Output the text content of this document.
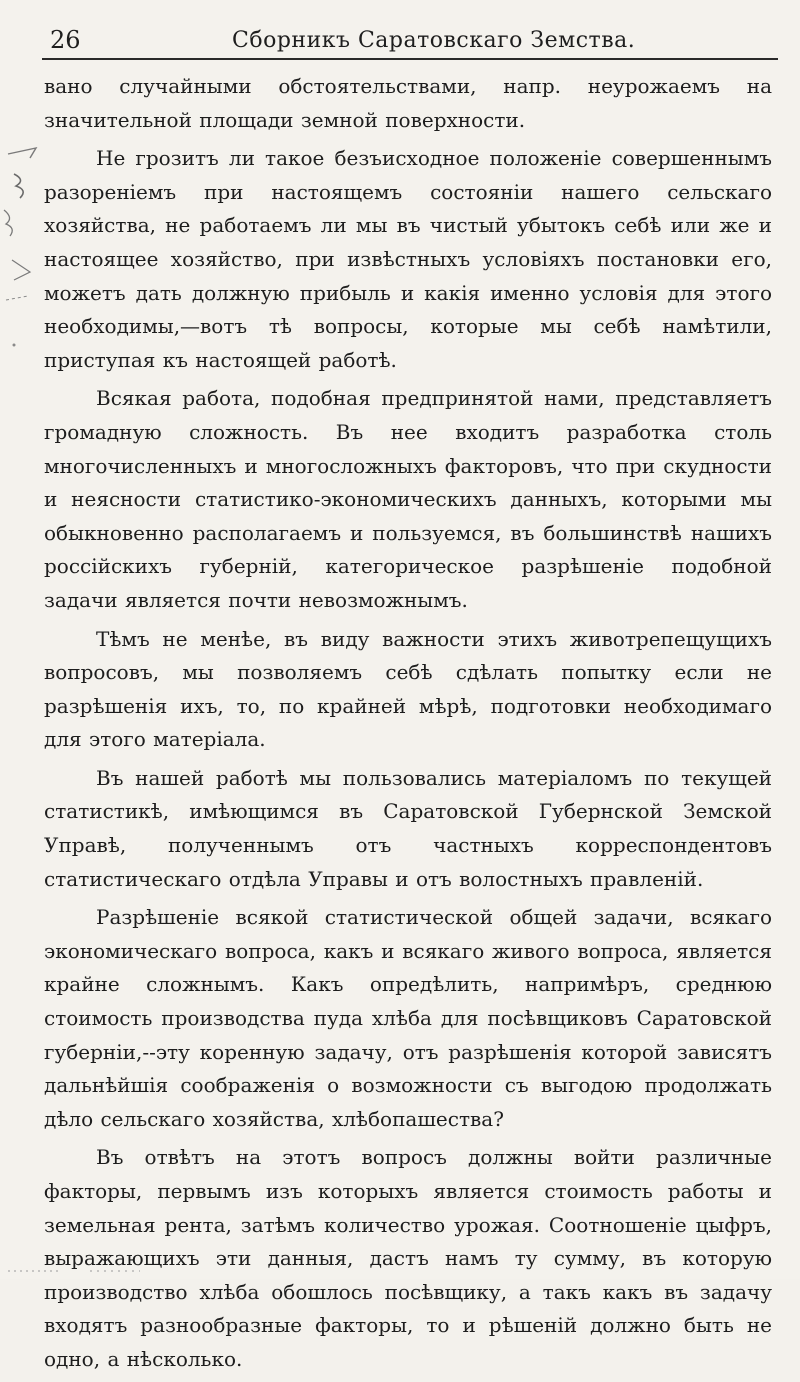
26	Сборникъ Саратовскаго Земства.

вано случайными обстоятельствами, напр. неурожаемъ на значительной площади земной поверхности.

Не грозитъ ли такое безъисходное положенiе совершеннымъ разоренiемъ при настоящемъ состоянiи нашего сельскаго хозяйства, не работаемъ ли мы въ чистый убытокъ себѣ или же и настоящее хозяйство, при извѣстныхъ условiяхъ постановки его, можетъ дать должную прибыль и какiя именно условiя для этого необходимы,—вотъ тѣ вопросы, которые мы себѣ намѣтили, приступая къ настоящей работѣ.

Всякая работа, подобная предпринятой нами, представляетъ громадную сложность. Въ нее входитъ разработка столь многочисленныхъ и многосложныхъ факторовъ, что при скудности и неясности статистико-экономическихъ данныхъ, которыми мы обыкновенно располагаемъ и пользуемся, въ большинствѣ нашихъ россiйскихъ губернiй, категорическое разрѣшенiе подобной задачи является почти невозможнымъ.

Тѣмъ не менѣе, въ виду важности этихъ животрепещущихъ вопросовъ, мы позволяемъ себѣ сдѣлать попытку если не разрѣшенiя ихъ, то, по крайней мѣрѣ, подготовки необходимаго для этого матерiала.

Въ нашей работѣ мы пользовались матерiаломъ по текущей статистикѣ, имѣющимся въ Саратовской Губернской Земской Управѣ, полученнымъ отъ частныхъ корреспондентовъ статистическаго отдѣла Управы и отъ волостныхъ правленiй.

Разрѣшенiе всякой статистической общей задачи, всякаго экономическаго вопроса, какъ и всякаго живого вопроса, является крайне сложнымъ. Какъ опредѣлить, напримѣръ, среднюю стоимость производства пуда хлѣба для посѣвщиковъ Саратовской губернiи,--эту коренную задачу, отъ разрѣшенiя которой зависятъ дальнѣйшiя соображенiя о возможности съ выгодою продолжать дѣло сельскаго хозяйства, хлѣбопашества?

Въ отвѣтъ на этотъ вопросъ должны войти различные факторы, первымъ изъ которыхъ является стоимость работы и земельная рента, затѣмъ количество урожая. Соотношенiе цыфръ, выражающихъ эти данныя, дастъ намъ ту сумму, въ которую производство хлѣба обошлось посѣвщику, а такъ какъ въ задачу входятъ разнообразные факторы, то и рѣшенiй должно быть не одно, а нѣсколько.
